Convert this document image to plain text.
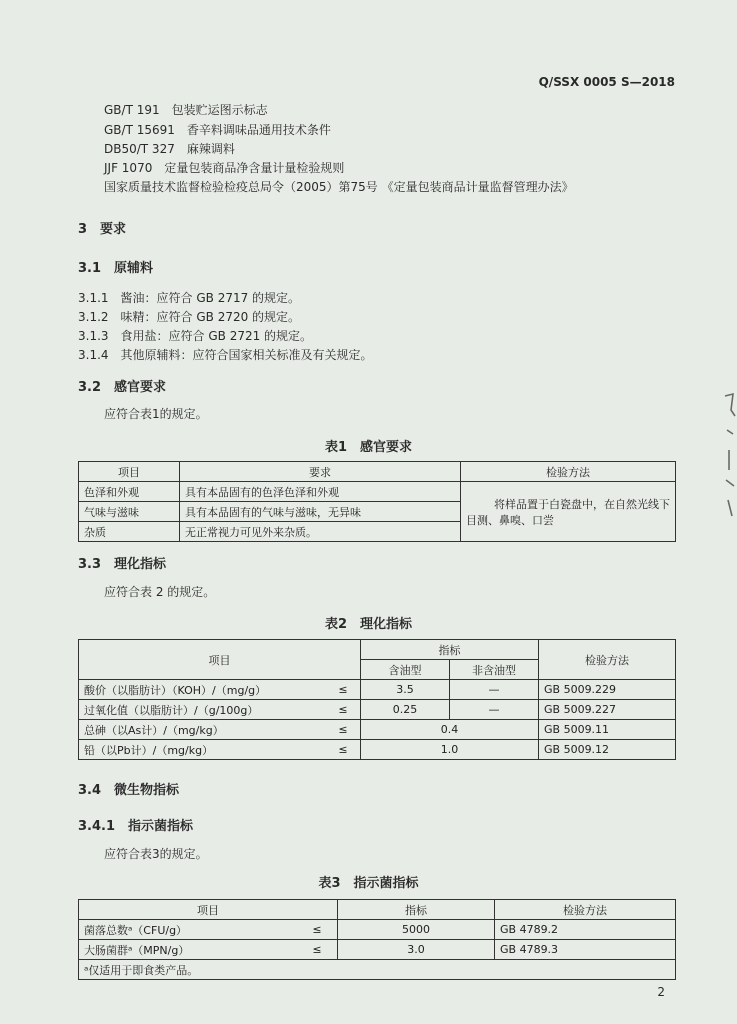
Q/SSX 0005 S—2018
GB/T 191　包装贮运图示标志
GB/T 15691　香辛料调味品通用技术条件
DB50/T 327　麻辣调料
JJF 1070　定量包装商品净含量计量检验规则
国家质量技术监督检验检疫总局令（2005）第75号 《定量包装商品计量监督管理办法》
3　要求
3.1　原辅料
3.1.1　酱油：应符合 GB 2717 的规定。
3.1.2　味精：应符合 GB 2720 的规定。
3.1.3　食用盐：应符合 GB 2721 的规定。
3.1.4　其他原辅料：应符合国家相关标准及有关规定。
3.2　感官要求
应符合表1的规定。
表1　感官要求
项目	要求	检验方法
色泽和外观	具有本品固有的色泽色泽和外观	将样品置于白瓷盘中，在自然光线下
目测、鼻嗅、口尝

气味与滋味	具有本品固有的气味与滋味，无异味	
杂质	无正常视力可见外来杂质。	
3.3　理化指标
应符合表 2 的规定。
表2　理化指标
项目		指标		检验方法
		含油型	非含油型	
酸价（以脂肪计）（KOH）/（mg/g）	≤	3.5	—	GB 5009.229
过氧化值（以脂肪计）/（g/100g）	≤	0.25	—	GB 5009.227
总砷（以As计）/（mg/kg）	≤	0.4		GB 5009.11
铅（以Pb计）/（mg/kg）	≤	1.0		GB 5009.12
3.4　微生物指标
3.4.1　指示菌指标
应符合表3的规定。
表3　指示菌指标
项目		指标	检验方法
菌落总数ᵃ（CFU/g）	≤	5000	GB 4789.2
大肠菌群ᵃ（MPN/g）	≤	3.0	GB 4789.3
ᵃ仅适用于即食类产品。			
2
